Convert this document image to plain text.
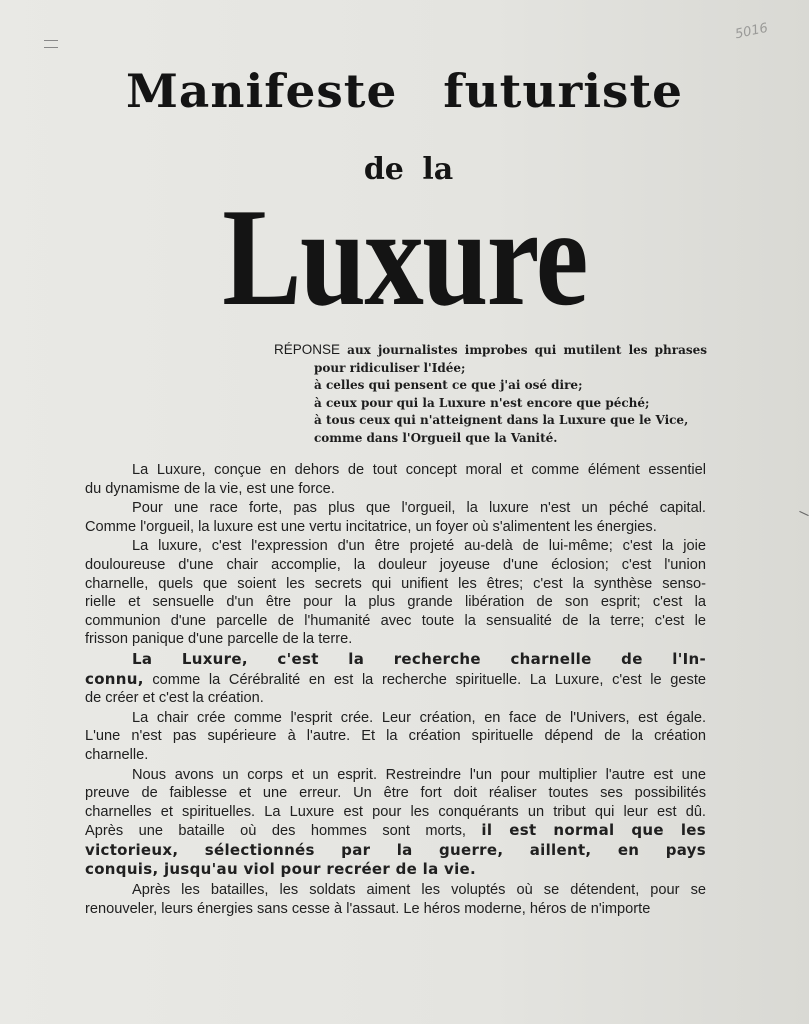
5016
Manifeste futuriste
de la
Luxure
RÉPONSE aux journalistes improbes qui mutilent les phrases
pour ridiculiser l'Idée;
à celles qui pensent ce que j'ai osé dire;
à ceux pour qui la Luxure n'est encore que péché;
à tous ceux qui n'atteignent dans la Luxure que le Vice,
comme dans l'Orgueil que la Vanité.
La Luxure, conçue en dehors de tout concept moral et comme élément essentiel
du dynamisme de la vie, est une force.
Pour une race forte, pas plus que l'orgueil, la luxure n'est un péché capital.
Comme l'orgueil, la luxure est une vertu incitatrice, un foyer où s'alimentent les énergies.
La luxure, c'est l'expression d'un être projeté au-delà de lui-même; c'est la joie
douloureuse d'une chair accomplie, la douleur joyeuse d'une éclosion; c'est l'union
charnelle, quels que soient les secrets qui unifient les êtres; c'est la synthèse senso-
rielle et sensuelle d'un être pour la plus grande libération de son esprit; c'est la
communion d'une parcelle de l'humanité avec toute la sensualité de la terre; c'est le
frisson panique d'une parcelle de la terre.
La Luxure, c'est la recherche charnelle de l'In-
connu, comme la Cérébralité en est la recherche spirituelle. La Luxure, c'est le geste
de créer et c'est la création.
La chair crée comme l'esprit crée. Leur création, en face de l'Univers, est égale.
L'une n'est pas supérieure à l'autre. Et la création spirituelle dépend de la création
charnelle.
Nous avons un corps et un esprit. Restreindre l'un pour multiplier l'autre est une
preuve de faiblesse et une erreur. Un être fort doit réaliser toutes ses possibilités
charnelles et spirituelles. La Luxure est pour les conquérants un tribut qui leur est dû.
Après une bataille où des hommes sont morts, il est normal que les
victorieux, sélectionnés par la guerre, aillent, en pays
conquis, jusqu'au viol pour recréer de la vie.
Après les batailles, les soldats aiment les voluptés où se détendent, pour se
renouveler, leurs énergies sans cesse à l'assaut. Le héros moderne, héros de n'importe
